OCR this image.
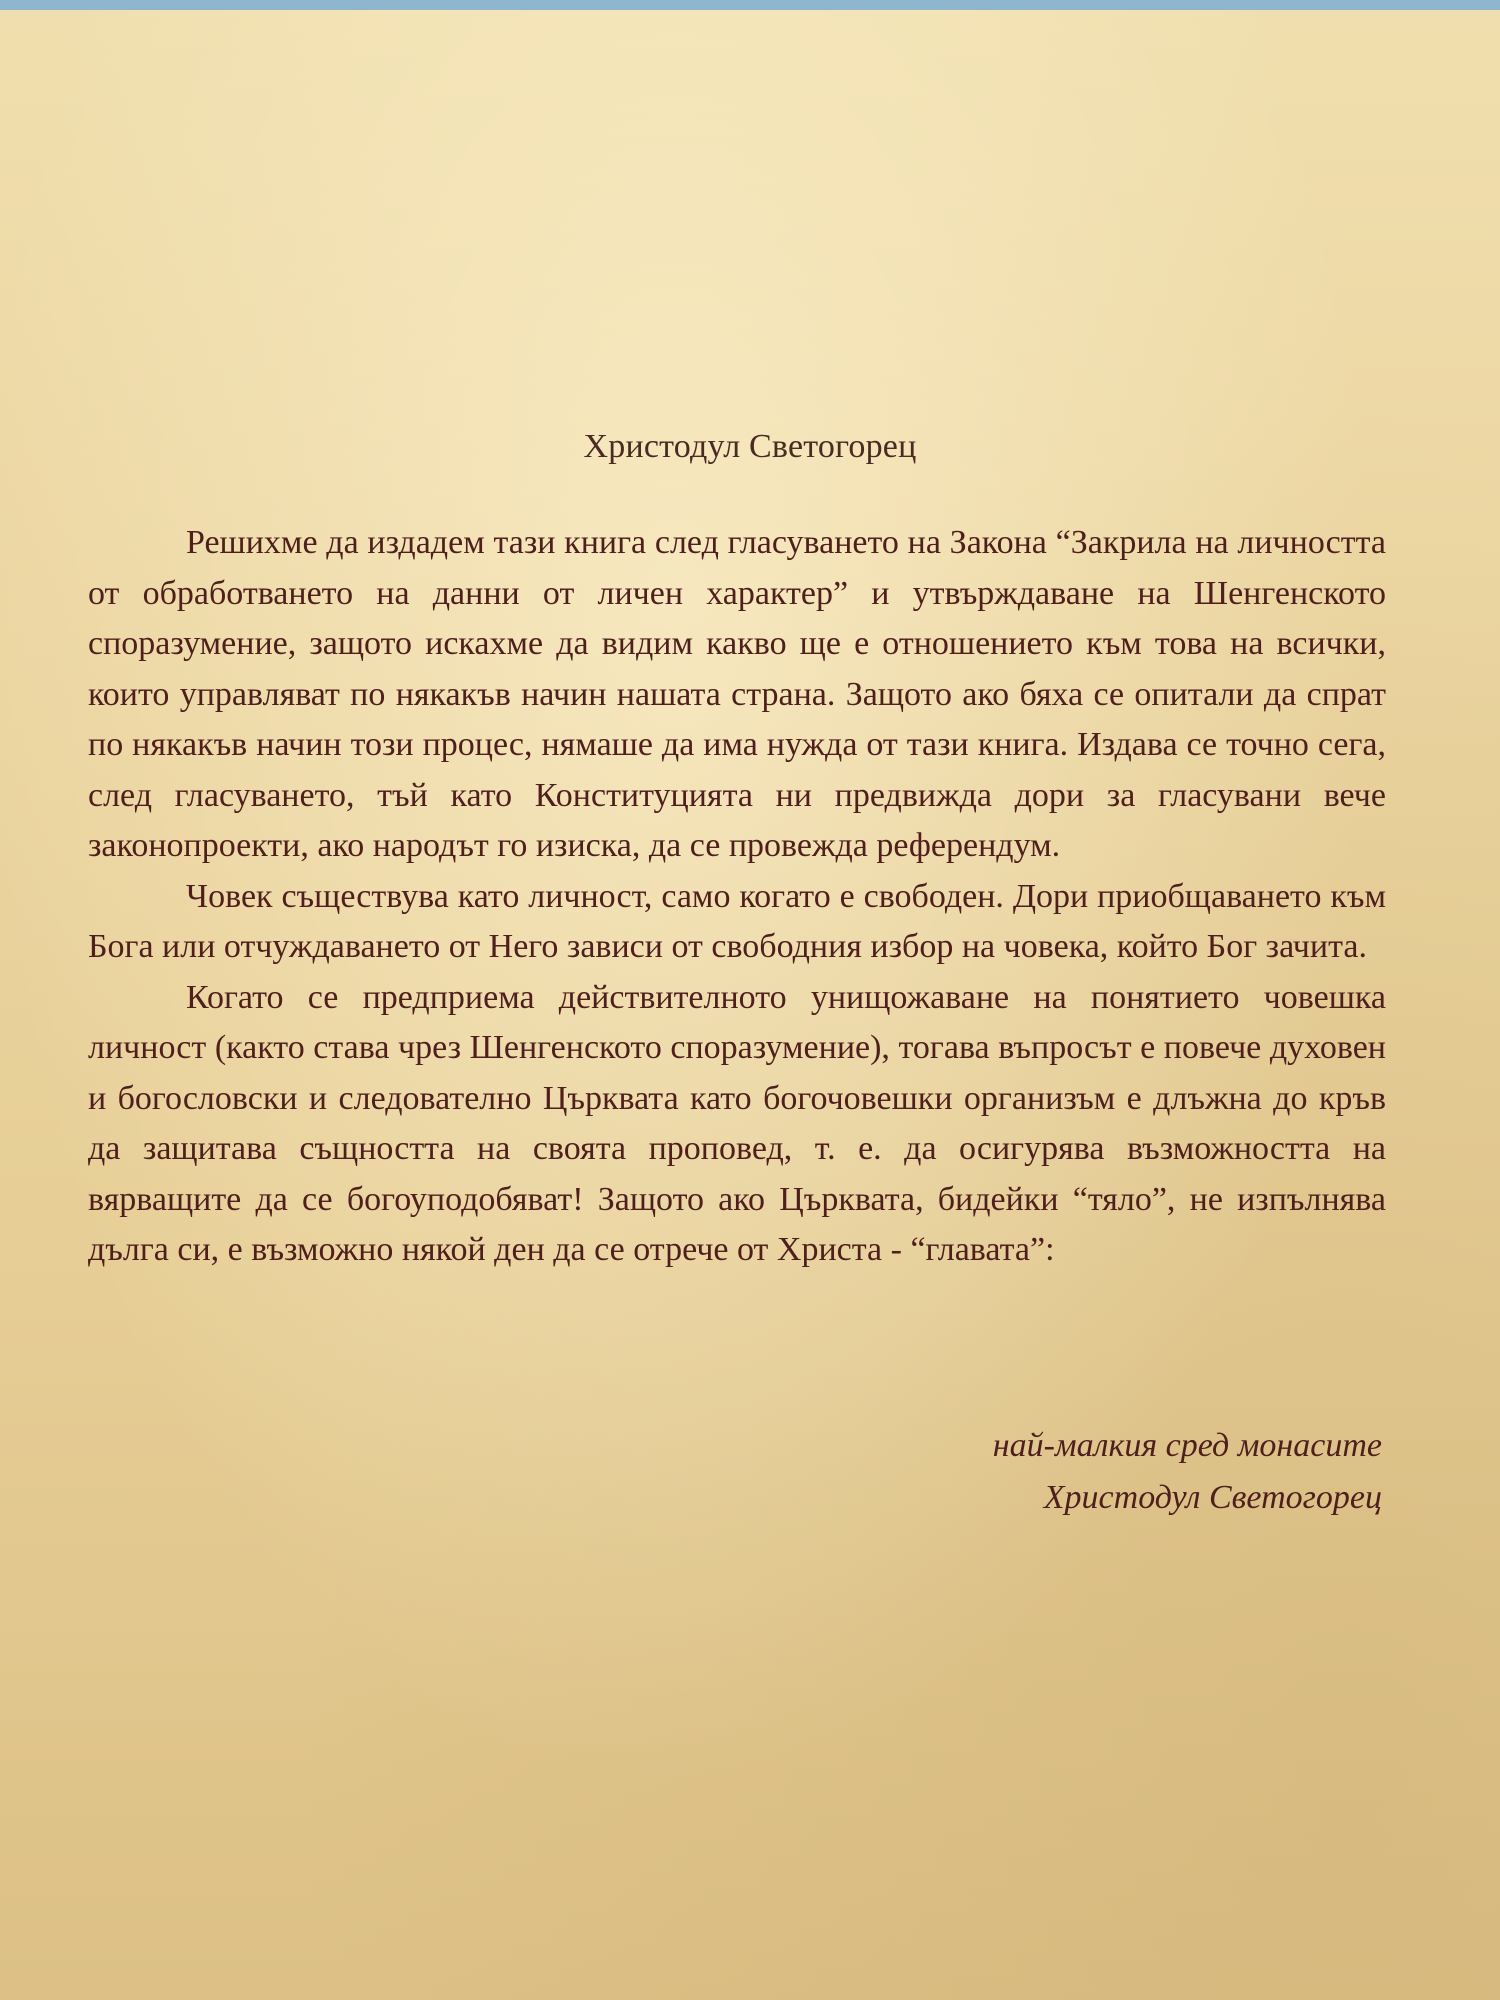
Христодул Светогорец

Решихме да издадем тази книга след гласуването на Закона “Закрила на личността от обработването на данни от личен характер” и утвърждаване на Шенгенското споразумение, защото искахме да видим какво ще е отношението към това на всички, които управляват по някакъв начин нашата страна. Защото ако бяха се опитали да спрат по някакъв начин този процес, нямаше да има нужда от тази книга. Издава се точно сега, след гласуването, тъй като Конституцията ни предвижда дори за гласувани вече законопроекти, ако народът го изиска, да се провежда референдум.

Човек съществува като личност, само когато е свободен. Дори приобщаването към Бога или отчуждаването от Него зависи от свободния избор на човека, който Бог зачита.

Когато се предприема действителното унищожаване на понятието човешка личност (както става чрез Шенгенското споразумение), тогава въпросът е повече духовен и богословски и следователно Църквата като богочовешки организъм е длъжна до кръв да защитава същността на своята проповед, т. е. да осигурява възможността на вярващите да се богоуподобяват! Защото ако Църквата, бидейки “тяло”, не изпълнява дълга си, е възможно някой ден да се отрече от Христа - “главата”:

най-малкия сред монасите
Христодул Светогорец
